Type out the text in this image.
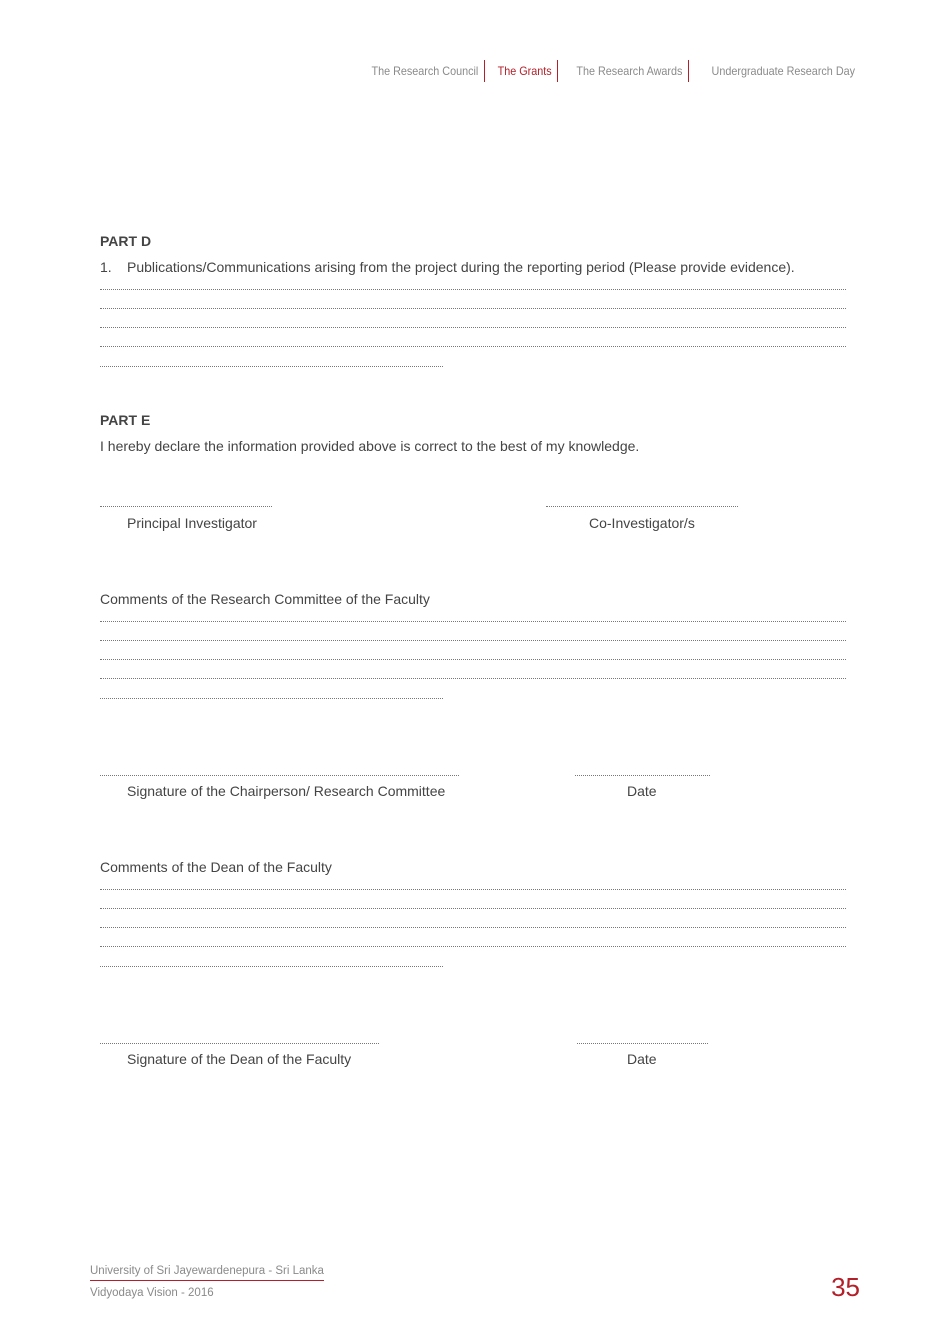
The Research Council	The Grants	The Research Awards	Undergraduate Research Day
PART D
1. Publications/Communications arising from the project during the reporting period (Please provide evidence).
PART E
I hereby declare the information provided above is correct to the best of my knowledge.
Principal Investigator	Co-Investigator/s
Comments of the Research Committee of the Faculty
Signature of the Chairperson/ Research Committee	Date
Comments of the Dean of the Faculty
Signature of the Dean of the Faculty	Date
University of Sri Jayewardenepura - Sri Lanka
Vidyodaya Vision - 2016	35
